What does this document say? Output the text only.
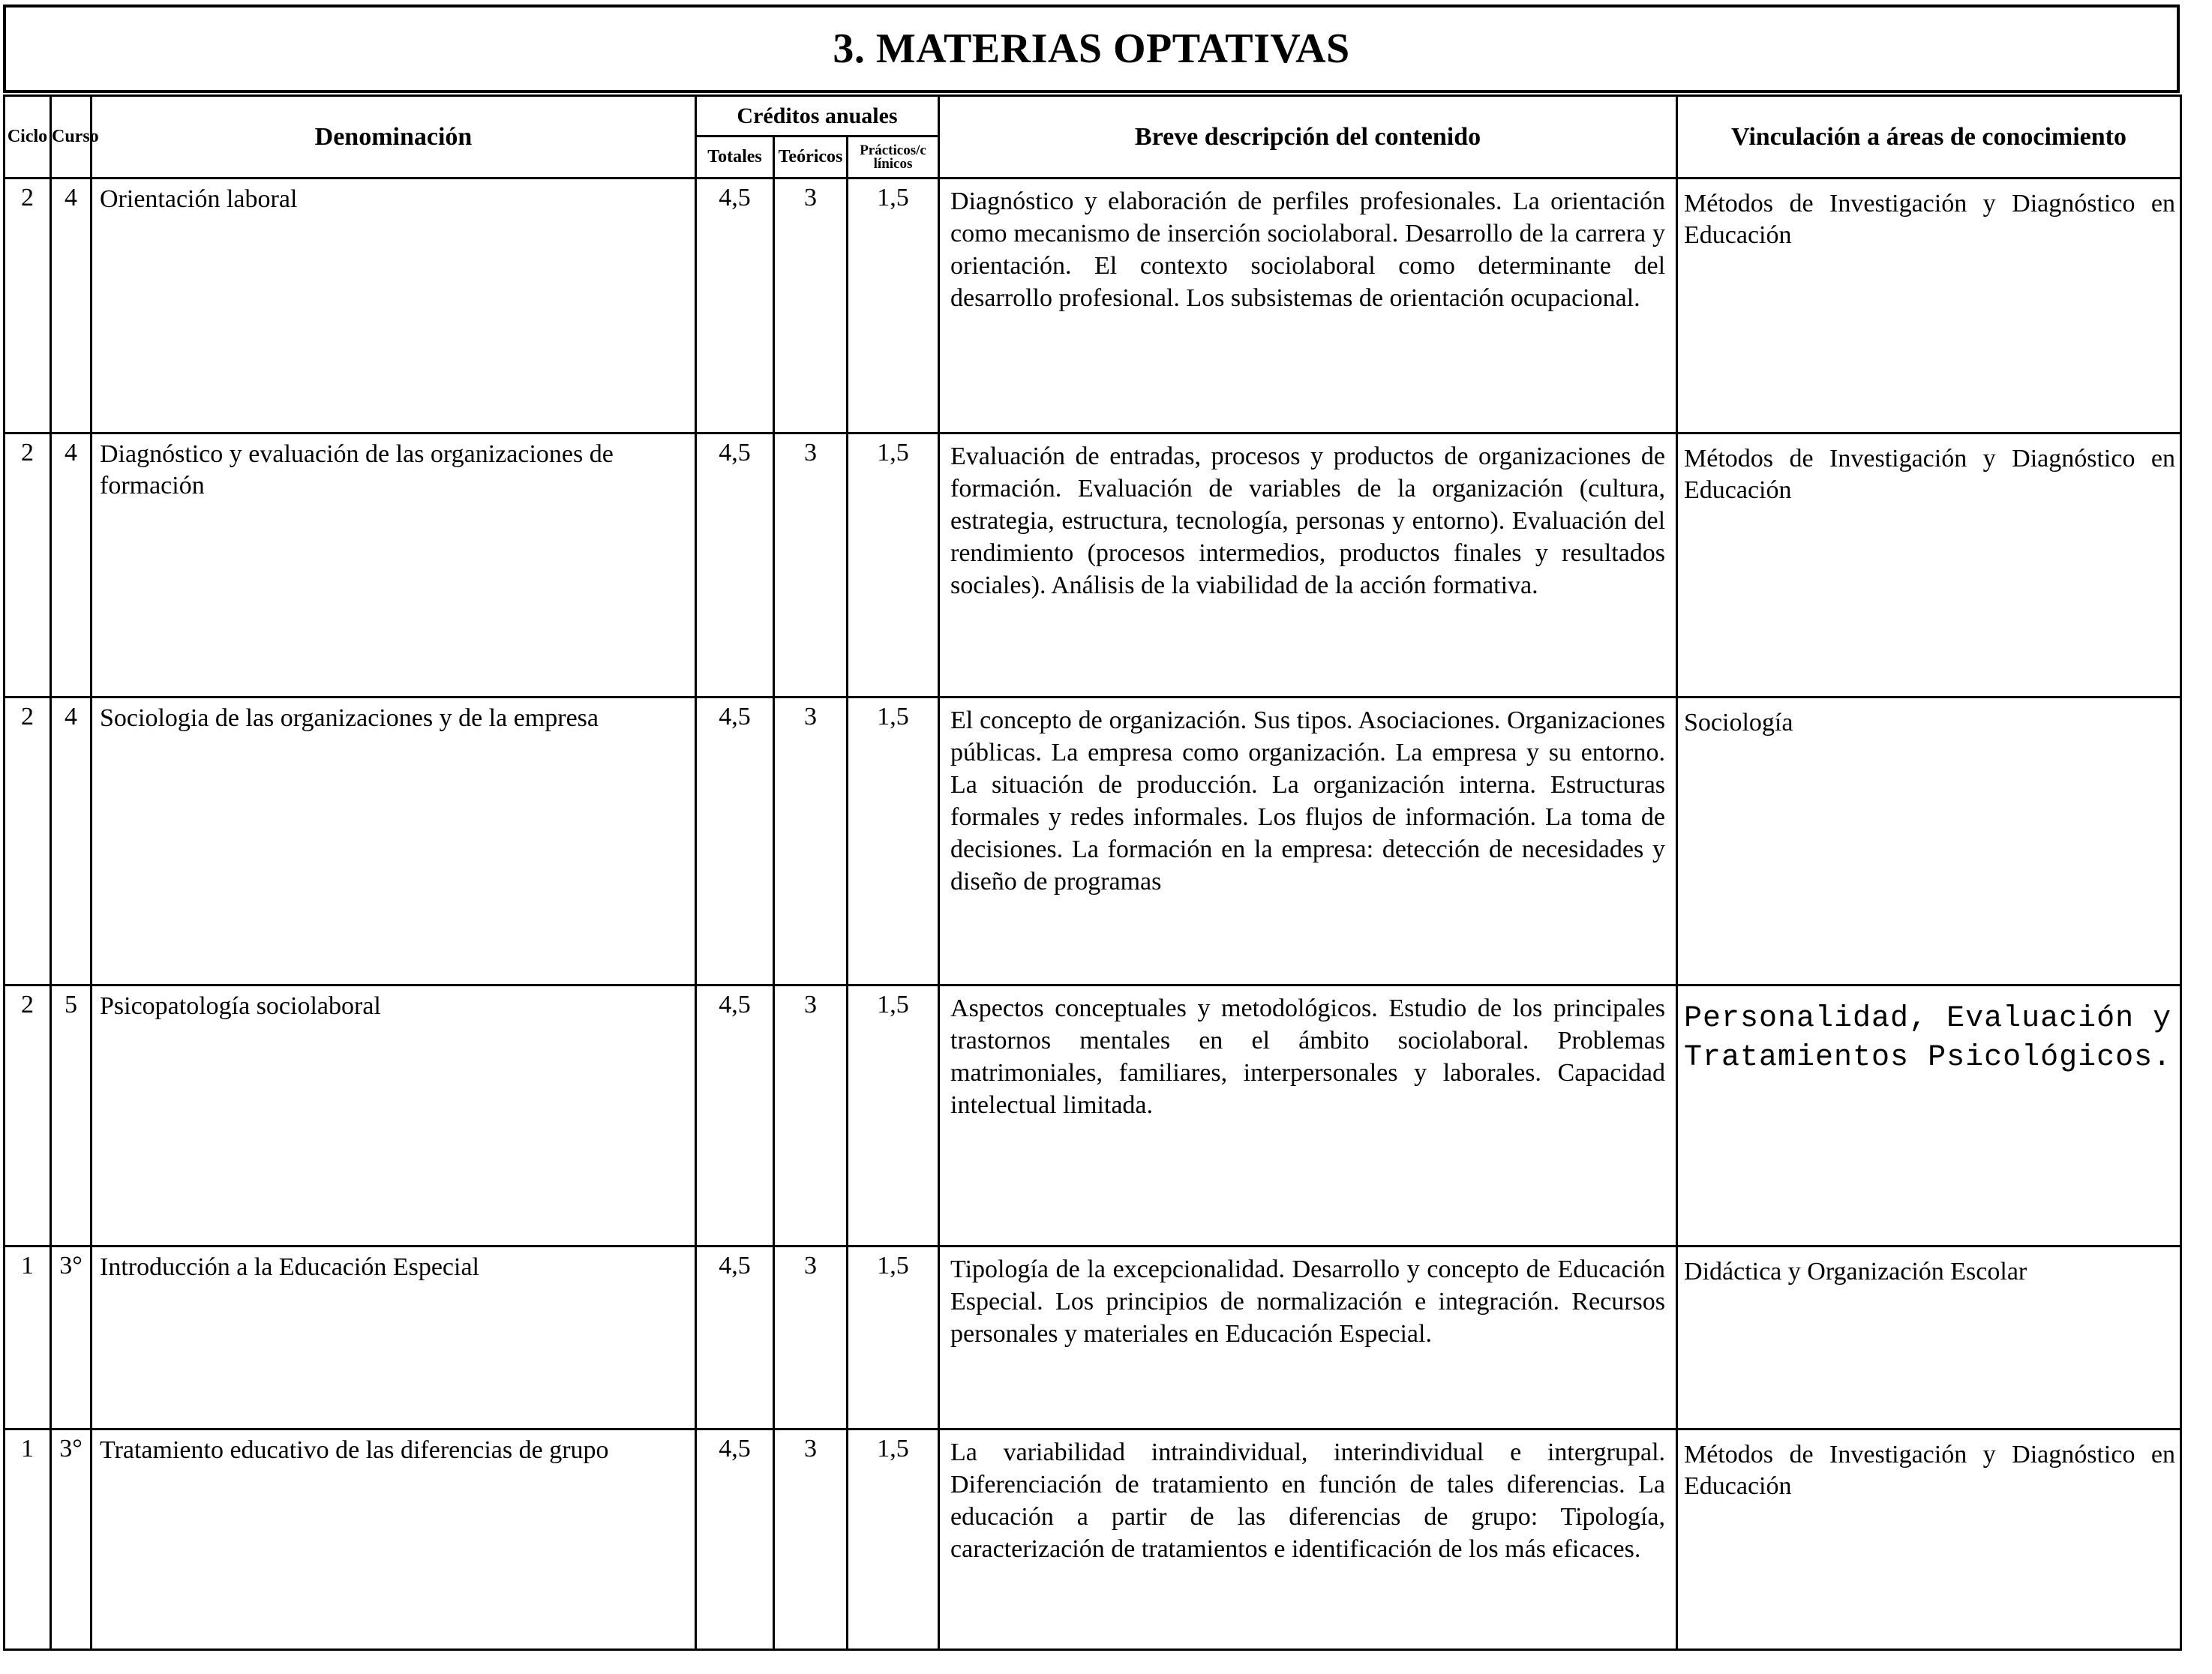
3. MATERIAS OPTATIVAS
Ciclo	Curso	Denominación	Créditos anuales			Breve descripción del contenido	Vinculación a áreas de conocimiento
			Totales	Teóricos	Prácticos/c línicos		
2	4	Orientación laboral	4,5	3	1,5	Diagnóstico y elaboración de perfiles profesionales. La orientación como mecanismo de inserción sociolaboral. Desarrollo de la carrera y orientación. El contexto sociolaboral como determinante del desarrollo profesional. Los subsistemas de orientación ocupacional.	Métodos de Investigación y Diagnóstico en Educación
2	4	Diagnóstico y evaluación de las organizaciones de formación	4,5	3	1,5	Evaluación de entradas, procesos y productos de organizaciones de formación. Evaluación de variables de la organización (cultura, estrategia, estructura, tecnología, personas y entorno). Evaluación del rendimiento (procesos intermedios, productos finales y resultados sociales). Análisis de la viabilidad de la acción formativa.	Métodos de Investigación y Diagnóstico en Educación
2	4	Sociologia de las organizaciones y de la empresa	4,5	3	1,5	El concepto de organización. Sus tipos. Asociaciones. Organizaciones públicas. La empresa como organización. La empresa y su entorno. La situación de producción. La organización interna. Estructuras formales y redes informales. Los flujos de información. La toma de decisiones. La formación en la empresa: detección de necesidades y diseño de programas	Sociología
2	5	Psicopatología sociolaboral	4,5	3	1,5	Aspectos conceptuales y metodológicos. Estudio de los principales trastornos mentales en el ámbito sociolaboral. Problemas matrimoniales, familiares, interpersonales y laborales. Capacidad intelectual limitada.	Personalidad, Evaluación y Tratamientos Psicológicos.
1	3°	Introducción a la Educación Especial	4,5	3	1,5	Tipología de la excepcionalidad. Desarrollo y concepto de Educación Especial. Los principios de normalización e integración. Recursos personales y materiales en Educación Especial.	Didáctica y Organización Escolar
1	3°	Tratamiento educativo de las diferencias de grupo	4,5	3	1,5	La variabilidad intraindividual, interindividual e intergrupal. Diferenciación de tratamiento en función de tales diferencias. La educación a partir de las diferencias de grupo: Tipología, caracterización de tratamientos e identificación de los más eficaces.	Métodos de Investigación y Diagnóstico en Educación
